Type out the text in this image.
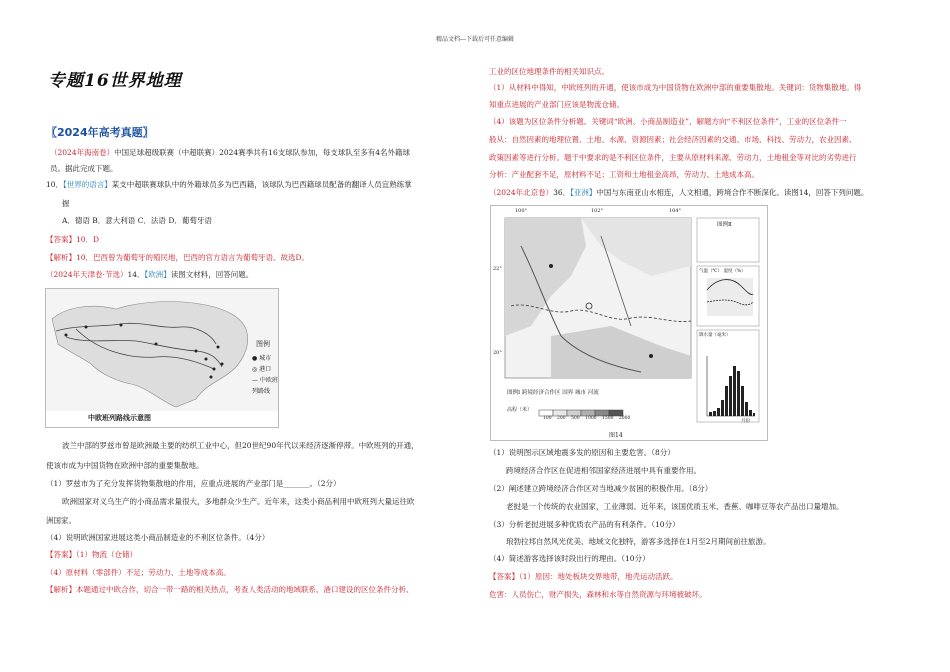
精品文档---下载后可任意编辑
专题16世界地理
〖2024年高考真题〗
（2024年海南卷）中国足球超级联赛（中超联赛）2024赛季共有16支球队参加，每支球队至多有4名外籍球
员。据此完成下题。
10．【世界的语言】某支中超联赛球队中的外籍球员多为巴西籍，该球队为巴西籍球员配备的翻译人员宜熟练掌
握
A．德语 B．意大利语 C．法语 D．葡萄牙语
【答案】10．D
【解析】10．巴西曾为葡萄牙的殖民地，巴西的官方语言为葡萄牙语。故选D。
（2024年天津卷·节选）14．【欧洲】读图文材料，回答问题。
图例
● 城市
◎ 港口
— 中欧班列路线
中欧班列路线示意图
波兰中部的罗兹市曾是欧洲最主要的纺织工业中心，但20世纪90年代以来经济逐渐停滞。中欧班列的开通，
使该市成为中国货物在欧洲中部的重要集散地。
（1）罗兹市为了充分发挥货物集散地的作用，应重点进展的产业部门是_______。（2分）
欧洲国家对义乌生产的小商品需求量很大，多地群众少生产。近年来，这类小商品利用中欧班列大量运往欧
洲国家。
（4）说明欧洲国家进展这类小商品制造业的不利区位条件。（4分）
【答案】（1）物流（仓储）
（4）原材料（零部件）不足；劳动力、土地等成本高。
【解析】本题通过中欧合作，切合一带一路的相关热点，考查人类活动的地域联系、港口建设的区位条件分析、
工业的区位地理条件的相关知识点。
（1）从材料中得知，中欧班列的开通，使该市成为中国货物在欧洲中部的重要集散地。关键词：货物集散地。得
知重点进展的产业部门应该是物流仓储。
（4）该题为区位条件分析题。关键词“欧洲、小商品制造业”，解题方向“不利区位条件”，工业的区位条件一
般从：自然因素的地理位置、土地、水源、资源因素；社会经济因素的交通、市场、科技、劳动力，农业因素、
政策因素等进行分析。题干中要求的是不利区位条件，主要从原材料来源、劳动力，土地租金等对比的劣势进行
分析：产业配套不足，原材料不足；工资和土地租金高昂，劳动力、土地成本高。
（2024年北京卷）36．【亚洲】中国与东南亚山水相连，人文相通，跨境合作不断深化。读图14，回答下列问题。
100°	102°	104°
22°
20°
图例Ⅰ 跨境经济合作区 国界 城市 河流
高程（米）
100 200 500 1000 1500 2000
图例Ⅱ
气温（℃） 湿度（%）
降水量（毫米）
月份
图14
（1）说明图示区域地震多发的原因和主要危害。（8分）
跨境经济合作区在促进相邻国家经济进展中具有重要作用。
（2）阐述建立跨境经济合作区对当地减少贫困的积极作用。（8分）
老挝是一个传统的农业国家，工业薄弱。近年来，该国优质玉米、香蕉、咖啡豆等农产品出口量增加。
（3）分析老挝进展多种优质农产品的有利条件。（10分）
琅勃拉邦自然风光优美、地域文化独特，游客多选择在1月至2月期间前往旅游。
（4）简述游客选择该时段出行的理由。（10分）
【答案】（1）原因：地处板块交界地带，地壳运动活跃。
危害：人员伤亡，财产损失，森林和水等自然资源与环境被破坏。
